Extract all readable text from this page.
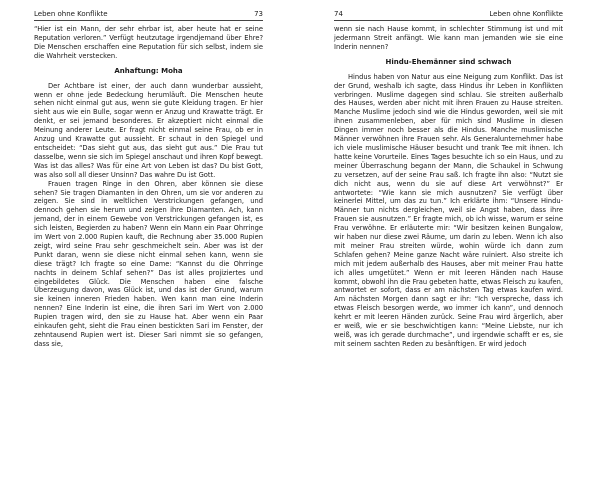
Leben ohne Konflikte	73

“Hier ist ein Mann, der sehr ehrbar ist, aber heute hat er seine Reputation verloren.” Verfügt heutzutage irgendjemand über Ehre? Die Menschen erschaffen eine Reputation für sich selbst, indem sie die Wahrheit verstecken.

Anhaftung: Moha

Der Achtbare ist einer, der auch dann wunderbar aussieht, wenn er ohne jede Bedeckung herumläuft. Die Menschen heute sehen nicht einmal gut aus, wenn sie gute Kleidung tragen. Er hier sieht aus wie ein Bulle, sogar wenn er Anzug und Krawatte trägt. Er denkt, er sei jemand besonderes. Er akzeptiert nicht einmal die Meinung anderer Leute. Er fragt nicht einmal seine Frau, ob er in Anzug und Krawatte gut aussieht. Er schaut in den Spiegel und entscheidet: “Das sieht gut aus, das sieht gut aus.” Die Frau tut dasselbe, wenn sie sich im Spiegel anschaut und ihren Kopf bewegt. Was ist das alles? Was für eine Art von Leben ist das? Du bist Gott, was also soll all dieser Unsinn? Das wahre Du ist Gott.

Frauen tragen Ringe in den Ohren, aber können sie diese sehen? Sie tragen Diamanten in den Ohren, um sie vor anderen zu zeigen. Sie sind in weltlichen Verstrickungen gefangen, und dennoch gehen sie herum und zeigen ihre Diamanten. Ach, kann jemand, der in einem Gewebe von Verstrickungen gefangen ist, es sich leisten, Begierden zu haben? Wenn ein Mann ein Paar Ohrringe im Wert von 2.000 Rupien kauft, die Rechnung aber 35.000 Rupien zeigt, wird seine Frau sehr geschmeichelt sein. Aber was ist der Punkt daran, wenn sie diese nicht einmal sehen kann, wenn sie diese trägt? Ich fragte so eine Dame: “Kannst du die Ohrringe nachts in deinem Schlaf sehen?” Das ist alles projiziertes und eingebildetes Glück. Die Menschen haben eine falsche Überzeugung davon, was Glück ist, und das ist der Grund, warum sie keinen inneren Frieden haben. Wen kann man eine Inderin nennen? Eine Inderin ist eine, die ihren Sari im Wert von 2.000 Rupien tragen wird, den sie zu Hause hat. Aber wenn ein Paar einkaufen geht, sieht die Frau einen bestickten Sari im Fenster, der zehntausend Rupien wert ist. Dieser Sari nimmt sie so gefangen, dass sie,

74	Leben ohne Konflikte

wenn sie nach Hause kommt, in schlechter Stimmung ist und mit jedermann Streit anfängt. Wie kann man jemanden wie sie eine Inderin nennen?

Hindu-Ehemänner sind schwach

Hindus haben von Natur aus eine Neigung zum Konflikt. Das ist der Grund, weshalb ich sagte, dass Hindus ihr Leben in Konflikten verbringen. Muslime dagegen sind schlau. Sie streiten außerhalb des Hauses, werden aber nicht mit ihren Frauen zu Hause streiten. Manche Muslime jedoch sind wie die Hindus geworden, weil sie mit ihnen zusammenleben, aber für mich sind Muslime in diesen Dingen immer noch besser als die Hindus. Manche muslimische Männer verwöhnen ihre Frauen sehr. Als Generalunternehmer habe ich viele muslimische Häuser besucht und trank Tee mit ihnen. Ich hatte keine Vorurteile. Eines Tages besuchte ich so ein Haus, und zu meiner Überraschung begann der Mann, die Schaukel in Schwung zu versetzen, auf der seine Frau saß. Ich fragte ihn also: “Nutzt sie dich nicht aus, wenn du sie auf diese Art verwöhnst?” Er antwortete: “Wie kann sie mich ausnutzen? Sie verfügt über keinerlei Mittel, um das zu tun.” Ich erklärte ihm: “Unsere Hindu-Männer tun nichts dergleichen, weil sie Angst haben, dass ihre Frauen sie ausnutzen.” Er fragte mich, ob ich wisse, warum er seine Frau verwöhne. Er erläuterte mir: “Wir besitzen keinen Bungalow, wir haben nur diese zwei Räume, um darin zu leben. Wenn ich also mit meiner Frau streiten würde, wohin würde ich dann zum Schlafen gehen? Meine ganze Nacht wäre ruiniert. Also streite ich mich mit jedem außerhalb des Hauses, aber mit meiner Frau hatte ich alles umgetütet.” Wenn er mit leeren Händen nach Hause kommt, obwohl ihn die Frau gebeten hatte, etwas Fleisch zu kaufen, antwortet er sofort, dass er am nächsten Tag etwas kaufen wird. Am nächsten Morgen dann sagt er ihr: “Ich verspreche, dass ich etwas Fleisch besorgen werde, wo immer ich kann”, und dennoch kehrt er mit leeren Händen zurück. Seine Frau wird ärgerlich, aber er weiß, wie er sie beschwichtigen kann: “Meine Liebste, nur ich weiß, was ich gerade durchmache”, und irgendwie schafft er es, sie mit seinem sachten Reden zu besänftigen. Er wird jedoch
